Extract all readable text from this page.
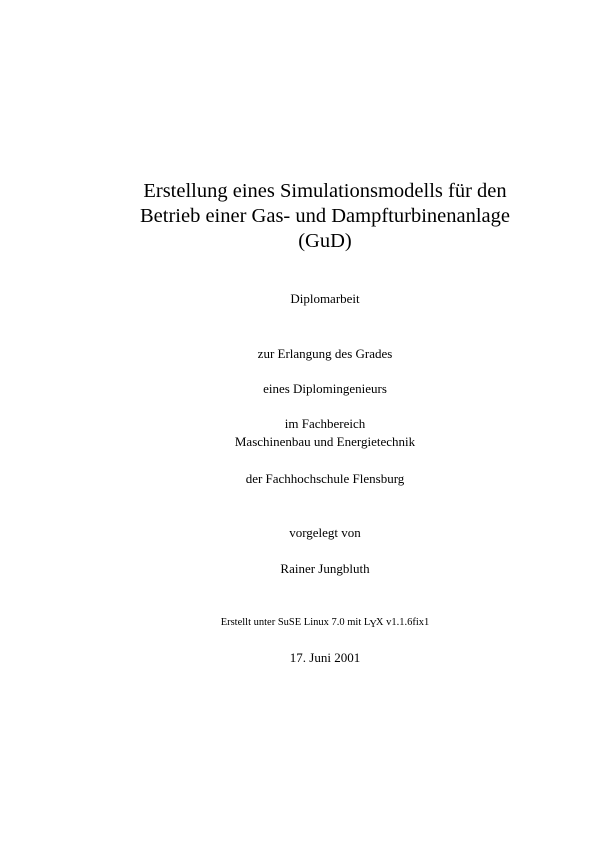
Erstellung eines Simulationsmodells für den
Betrieb einer Gas- und Dampfturbinenanlage
(GuD)
Diplomarbeit
zur Erlangung des Grades
eines Diplomingenieurs
im Fachbereich
Maschinenbau und Energietechnik
der Fachhochschule Flensburg
vorgelegt von
Rainer Jungbluth
Erstellt unter SuSE Linux 7.0 mit LYX v1.1.6fix1
17. Juni 2001
